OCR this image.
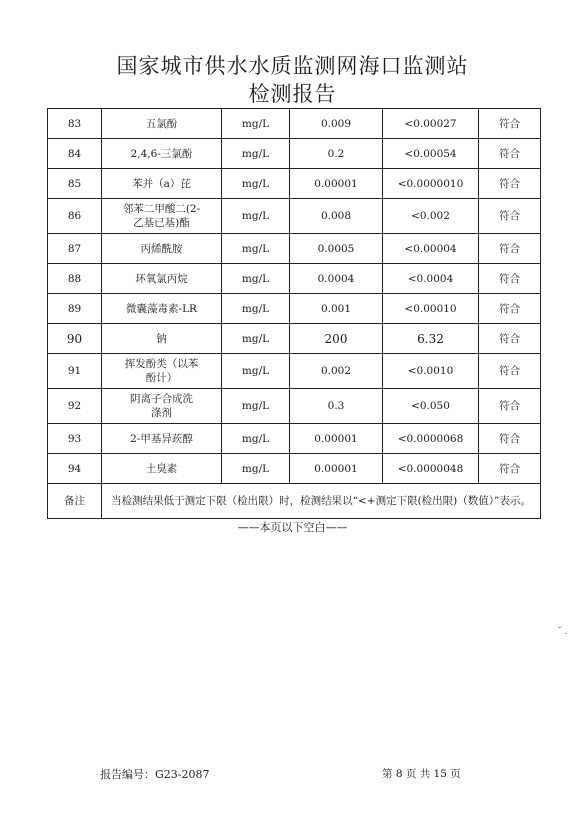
国家城市供水水质监测网海口监测站
检测报告
83	五氯酚	mg/L	0.009	<0.00027	符合
84	2,4,6-三氯酚	mg/L	0.2	<0.00054	符合
85	苯并（a）芘	mg/L	0.00001	<0.0000010	符合
86	邻苯二甲酸二(2-乙基已基)酯	mg/L	0.008	<0.002	符合
87	丙烯酰胺	mg/L	0.0005	<0.00004	符合
88	环氧氯丙烷	mg/L	0.0004	<0.0004	符合
89	微囊藻毒素-LR	mg/L	0.001	<0.00010	符合
90	钠	mg/L	200	6.32	符合
91	挥发酚类（以苯酚计）	mg/L	0.002	<0.0010	符合
92	阴离子合成洗涤剂	mg/L	0.3	<0.050	符合
93	2-甲基异莰醇	mg/L	0.00001	<0.0000068	符合
94	土臭素	mg/L	0.00001	<0.0000048	符合
备注	当检测结果低于测定下限（检出限）时，检测结果以“<+测定下限(检出限)（数值）”表示。				
——本页以下空白——
报告编号：G23-2087	第 8 页 共 15 页
